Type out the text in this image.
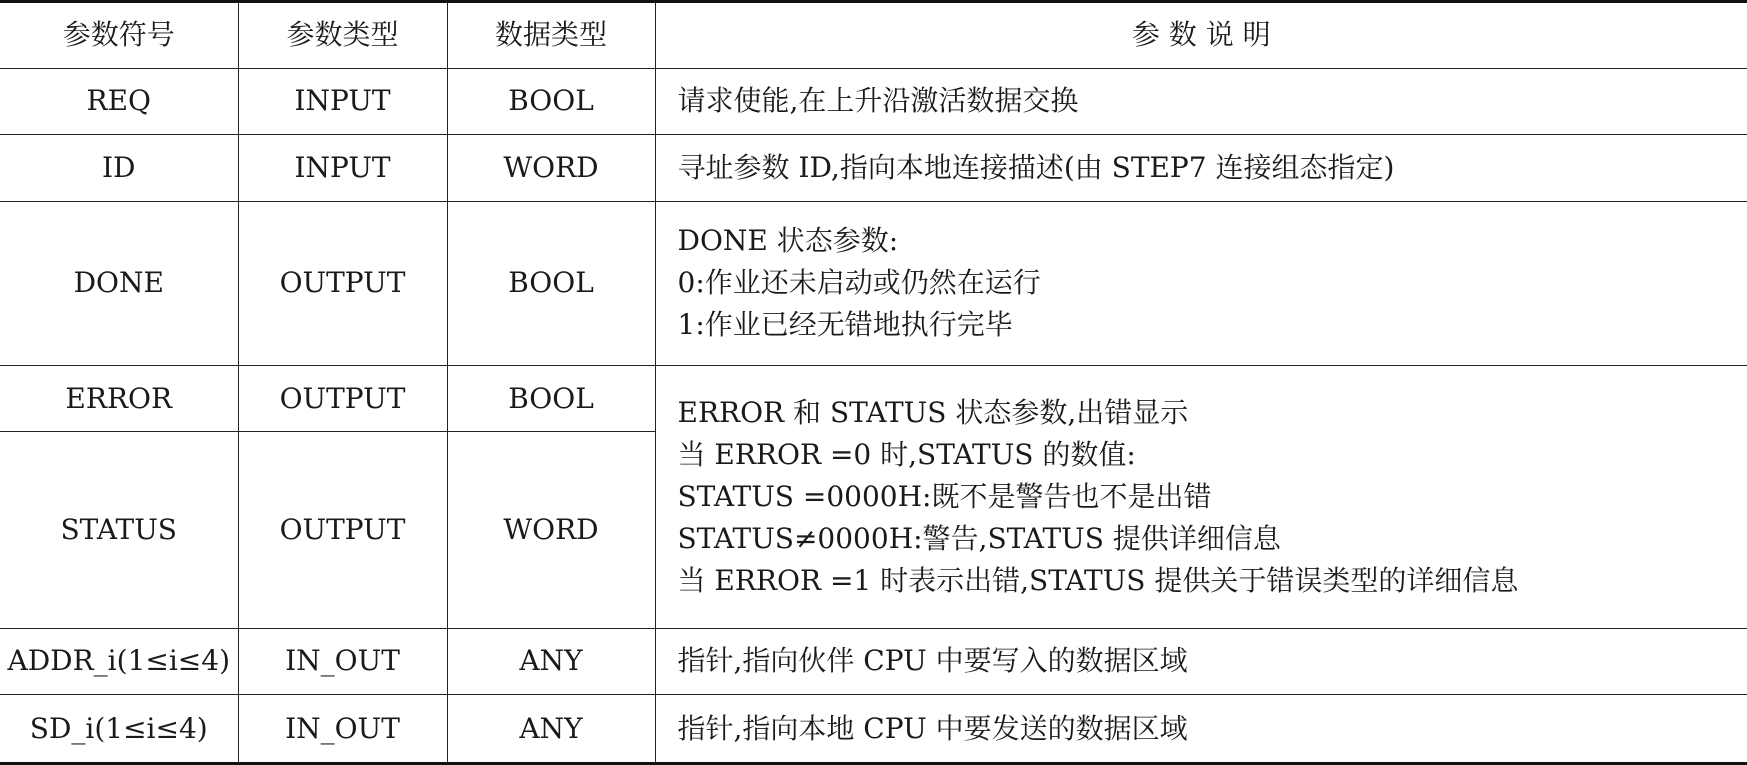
参数符号	参数类型	数据类型	参 数 说 明
REQ	INPUT	BOOL	请求使能,在上升沿激活数据交换
ID	INPUT	WORD	寻址参数 ID,指向本地连接描述(由 STEP7 连接组态指定)
DONE	OUTPUT	BOOL	DONE 状态参数:
0:作业还未启动或仍然在运行
1:作业已经无错地执行完毕

ERROR	OUTPUT	BOOL	ERROR 和 STATUS 状态参数,出错显示
当 ERROR =0 时,STATUS 的数值:
STATUS =0000H:既不是警告也不是出错
STATUS≠0000H:警告,STATUS 提供详细信息
当 ERROR =1 时表示出错,STATUS 提供关于错误类型的详细信息

STATUS	OUTPUT	WORD	
ADDR_i(1≤i≤4)	IN_OUT	ANY	指针,指向伙伴 CPU 中要写入的数据区域
SD_i(1≤i≤4)	IN_OUT	ANY	指针,指向本地 CPU 中要发送的数据区域
